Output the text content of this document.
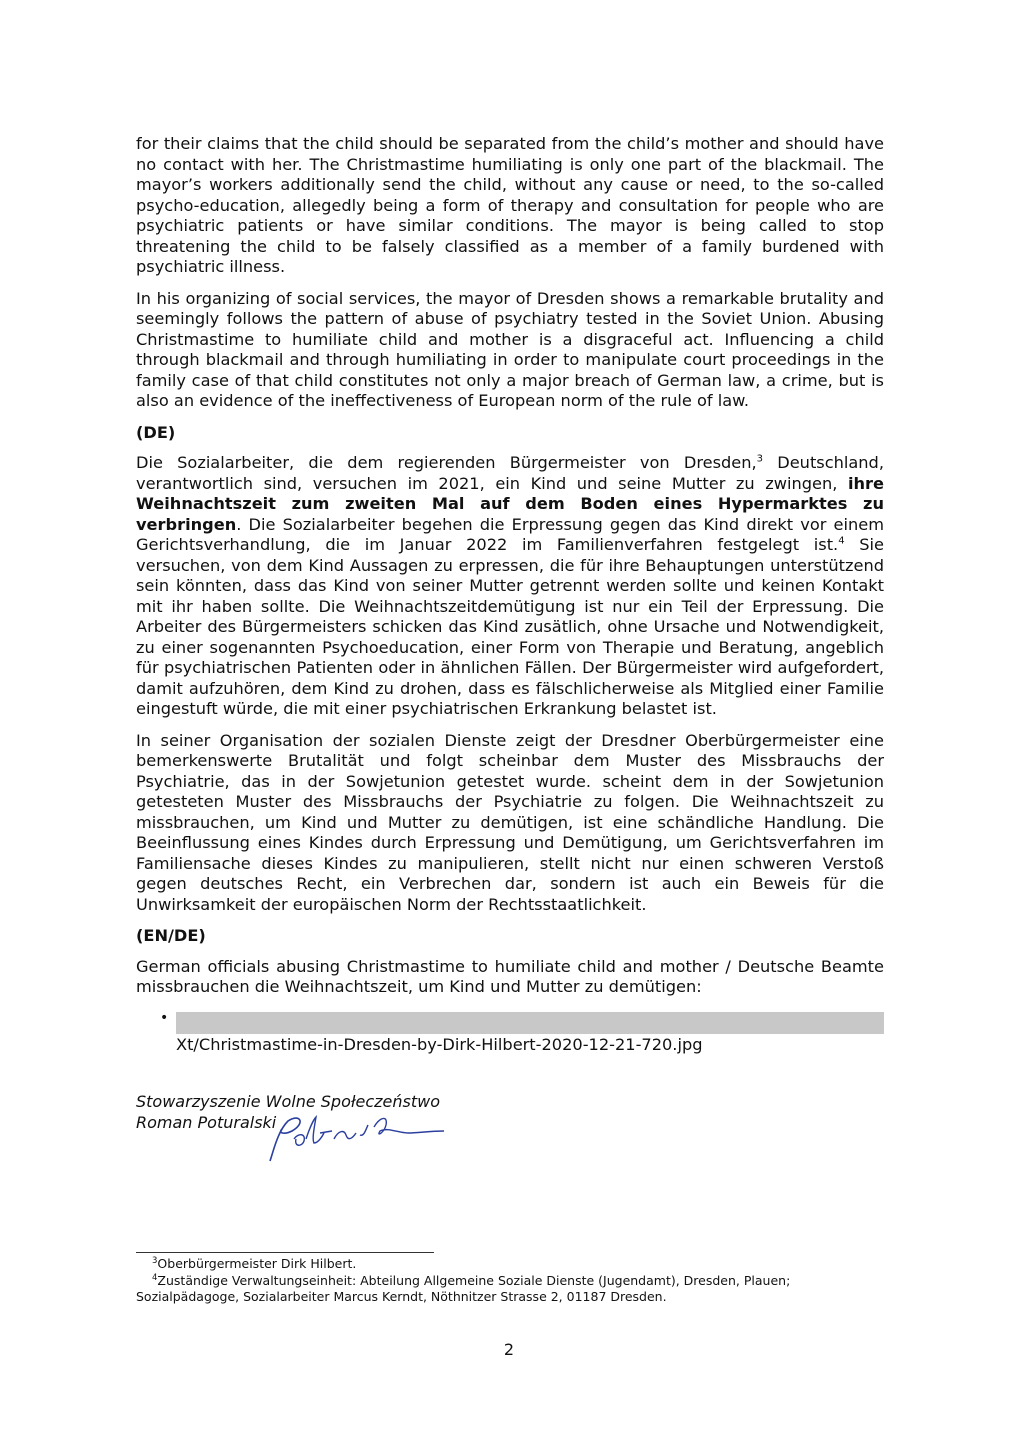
for their claims that the child should be separated from the child’s mother and should have no contact with her. The Christmastime humiliating is only one part of the blackmail. The mayor’s workers additionally send the child, without any cause or need, to the so-called psycho-education, allegedly being a form of therapy and consultation for people who are psychiatric patients or have similar conditions. The mayor is being called to stop threatening the child to be falsely classified as a member of a family burdened with psychiatric illness.

In his organizing of social services, the mayor of Dresden shows a remarkable brutality and seemingly follows the pattern of abuse of psychiatry tested in the Soviet Union. Abusing Christmastime to humiliate child and mother is a disgraceful act. Influencing a child through blackmail and through humiliating in order to manipulate court proceedings in the family case of that child constitutes not only a major breach of German law, a crime, but is also an evidence of the ineffectiveness of European norm of the rule of law.

(DE)

Die Sozialarbeiter, die dem regierenden Bürgermeister von Dresden,$^3$ Deutschland, verantwortlich sind, versuchen im 2021, ein Kind und seine Mutter zu zwingen, ihre Weihnachtszeit zum zweiten Mal auf dem Boden eines Hypermarktes zu verbringen. Die Sozialarbeiter begehen die Erpressung gegen das Kind direkt vor einem Gerichtsverhandlung, die im Januar 2022 im Familienverfahren festgelegt ist.$^4$ Sie versuchen, von dem Kind Aussagen zu erpressen, die für ihre Behauptungen unterstützend sein könnten, dass das Kind von seiner Mutter getrennt werden sollte und keinen Kontakt mit ihr haben sollte. Die Weihnachtszeitdemütigung ist nur ein Teil der Erpressung. Die Arbeiter des Bürgermeisters schicken das Kind zusätlich, ohne Ursache und Notwendigkeit, zu einer sogenannten Psychoeducation, einer Form von Therapie und Beratung, angeblich für psychiatrischen Patienten oder in ähnlichen Fällen. Der Bürgermeister wird aufgefordert, damit aufzuhören, dem Kind zu drohen, dass es fälschlicherweise als Mitglied einer Familie eingestuft würde, die mit einer psychiatrischen Erkrankung belastet ist.

In seiner Organisation der sozialen Dienste zeigt der Dresdner Oberbürgermeister eine bemerkenswerte Brutalität und folgt scheinbar dem Muster des Missbrauchs der Psychiatrie, das in der Sowjetunion getestet wurde. scheint dem in der Sowjetunion getesteten Muster des Missbrauchs der Psychiatrie zu folgen. Die Weihnachtszeit zu missbrauchen, um Kind und Mutter zu demütigen, ist eine schändliche Handlung. Die Beeinflussung eines Kindes durch Erpressung und Demütigung, um Gerichtsverfahren im Familiensache dieses Kindes zu manipulieren, stellt nicht nur einen schweren Verstoß gegen deutsches Recht, ein Verbrechen dar, sondern ist auch ein Beweis für die Unwirksamkeit der europäischen Norm der Rechtsstaatlichkeit.

(EN/DE)

German officials abusing Christmastime to humiliate child and mother / Deutsche Beamte missbrauchen die Weihnachtszeit, um Kind und Mutter zu demütigen:

•
Xt/Christmastime-in-Dresden-by-Dirk-Hilbert-2020-12-21-720.jpg
Stowarzyszenie Wolne Społeczeństwo
Roman Poturalski
$^3$Oberbürgermeister Dirk Hilbert.
$^4$Zuständige Verwaltungseinheit: Abteilung Allgemeine Soziale Dienste (Jugendamt), Dresden, Plauen; Sozialpädagoge, Sozialarbeiter Marcus Kerndt, Nöthnitzer Strasse 2, 01187 Dresden.
2
